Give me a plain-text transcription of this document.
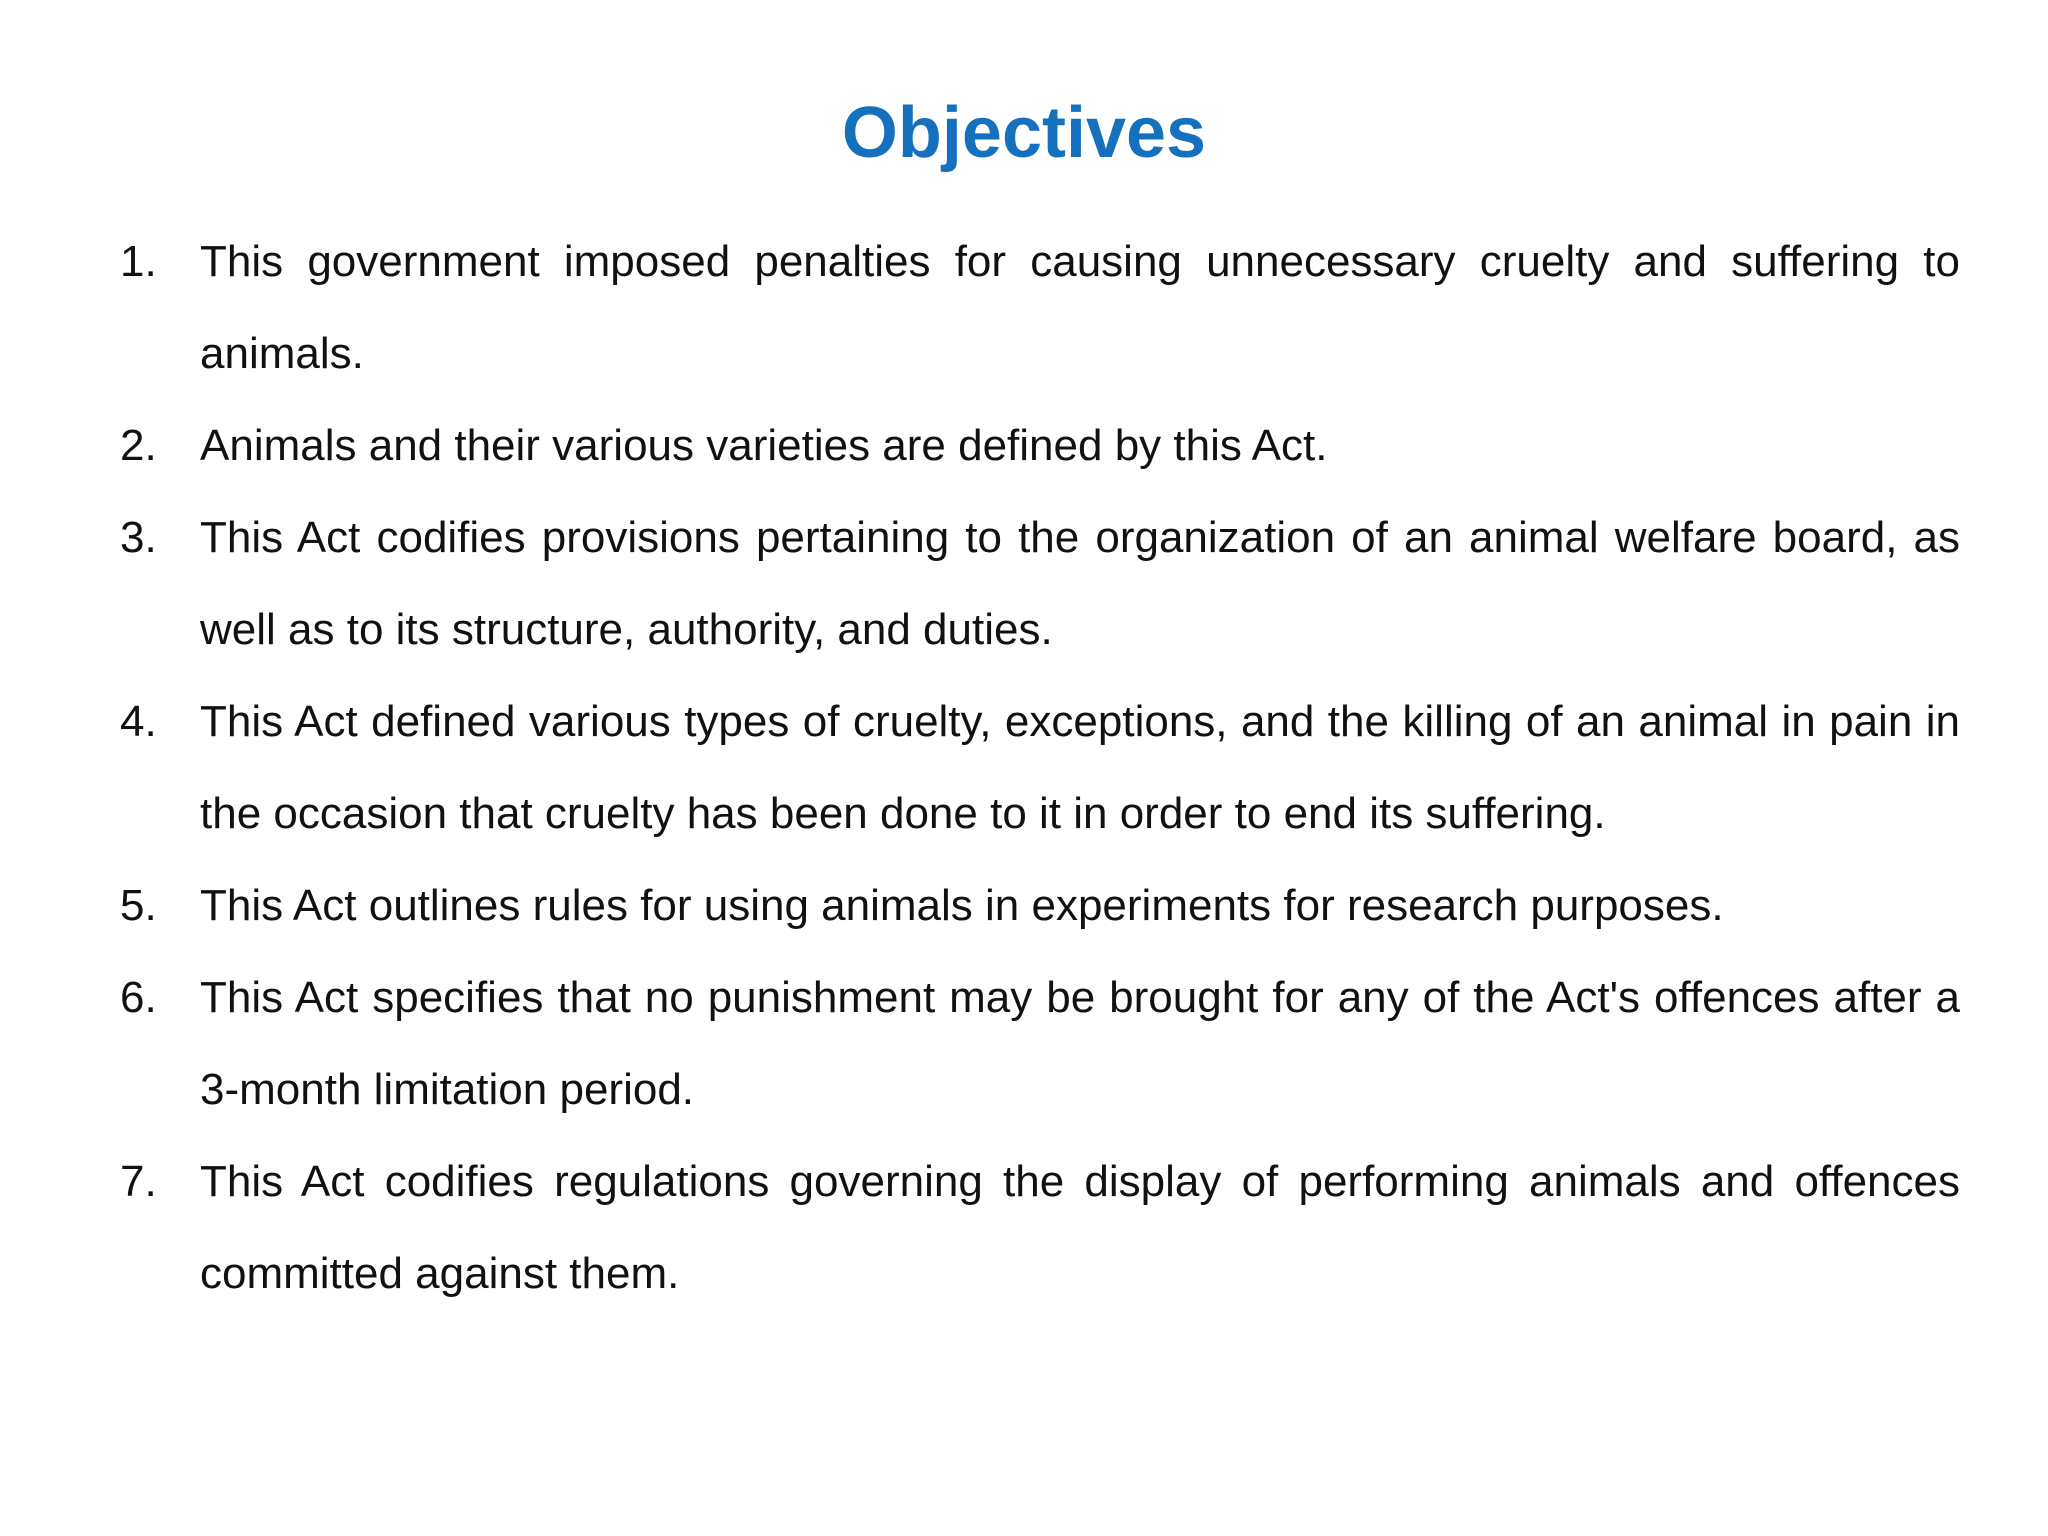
Objectives
1. This government imposed penalties for causing unnecessary cruelty and suffering to animals.
2. Animals and their various varieties are defined by this Act.
3. This Act codifies provisions pertaining to the organization of an animal welfare board, as well as to its structure, authority, and duties.
4. This Act defined various types of cruelty, exceptions, and the killing of an animal in pain in the occasion that cruelty has been done to it in order to end its suffering.
5. This Act outlines rules for using animals in experiments for research purposes.
6. This Act specifies that no punishment may be brought for any of the Act's offences after a 3-month limitation period.
7. This Act codifies regulations governing the display of performing animals and offences committed against them.
